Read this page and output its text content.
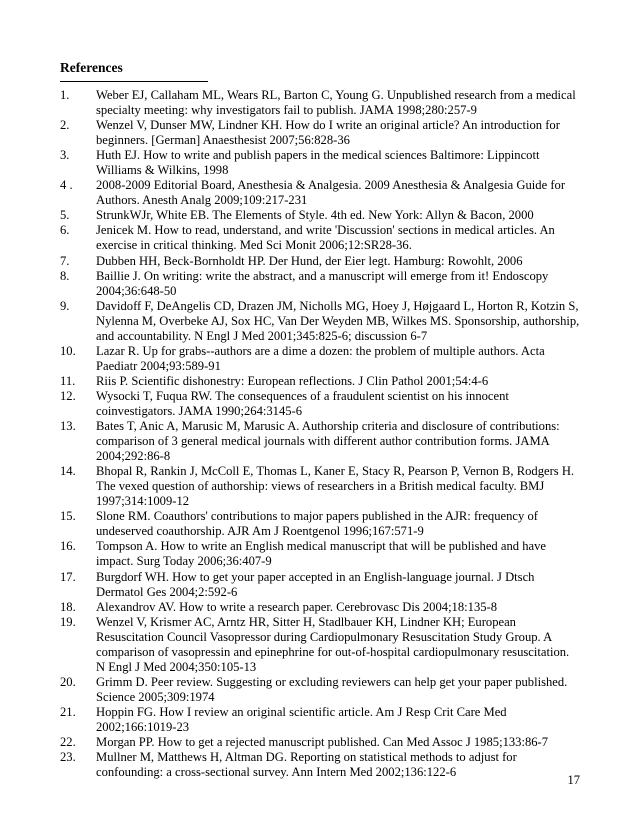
References
1.	Weber EJ, Callaham ML, Wears RL, Barton C, Young G. Unpublished research from a medical specialty meeting: why investigators fail to publish. JAMA 1998;280:257-9
2.	Wenzel V, Dunser MW, Lindner KH. How do I write an original article? An introduction for beginners. [German] Anaesthesist 2007;56:828-36
3.	Huth EJ. How to write and publish papers in the medical sciences Baltimore: Lippincott Williams & Wilkins, 1998
4 .	2008-2009 Editorial Board, Anesthesia & Analgesia. 2009 Anesthesia & Analgesia Guide for Authors. Anesth Analg 2009;109:217-231
5.	StrunkWJr, White EB. The Elements of Style. 4th ed. New York: Allyn & Bacon, 2000
6.	Jenicek M. How to read, understand, and write 'Discussion' sections in medical articles. An exercise in critical thinking. Med Sci Monit 2006;12:SR28-36.
7.	Dubben HH, Beck-Bornholdt HP. Der Hund, der Eier legt. Hamburg: Rowohlt, 2006
8.	Baillie J. On writing: write the abstract, and a manuscript will emerge from it! Endoscopy 2004;36:648-50
9.	Davidoff F, DeAngelis CD, Drazen JM, Nicholls MG, Hoey J, Højgaard L, Horton R, Kotzin S, Nylenna M, Overbeke AJ, Sox HC, Van Der Weyden MB, Wilkes MS. Sponsorship, authorship, and accountability. N Engl J Med 2001;345:825-6; discussion 6-7
10.	Lazar R. Up for grabs--authors are a dime a dozen: the problem of multiple authors. Acta Paediatr 2004;93:589-91
11.	Riis P. Scientific dishonestry: European reflections. J Clin Pathol 2001;54:4-6
12.	Wysocki T, Fuqua RW. The consequences of a fraudulent scientist on his innocent coinvestigators. JAMA 1990;264:3145-6
13.	Bates T, Anic A, Marusic M, Marusic A. Authorship criteria and disclosure of contributions: comparison of 3 general medical journals with different author contribution forms. JAMA 2004;292:86-8
14.	Bhopal R, Rankin J, McColl E, Thomas L, Kaner E, Stacy R, Pearson P, Vernon B, Rodgers H. The vexed question of authorship: views of researchers in a British medical faculty. BMJ 1997;314:1009-12
15.	Slone RM. Coauthors' contributions to major papers published in the AJR: frequency of undeserved coauthorship. AJR Am J Roentgenol 1996;167:571-9
16.	Tompson A. How to write an English medical manuscript that will be published and have impact. Surg Today 2006;36:407-9
17.	Burgdorf WH. How to get your paper accepted in an English-language journal. J Dtsch Dermatol Ges 2004;2:592-6
18.	Alexandrov AV. How to write a research paper. Cerebrovasc Dis 2004;18:135-8
19.	Wenzel V, Krismer AC, Arntz HR, Sitter H, Stadlbauer KH, Lindner KH; European Resuscitation Council Vasopressor during Cardiopulmonary Resuscitation Study Group. A comparison of vasopressin and epinephrine for out-of-hospital cardiopulmonary resuscitation. N Engl J Med 2004;350:105-13
20.	Grimm D. Peer review. Suggesting or excluding reviewers can help get your paper published. Science 2005;309:1974
21.	Hoppin FG. How I review an original scientific article. Am J Resp Crit Care Med 2002;166:1019-23
22.	Morgan PP. How to get a rejected manuscript published. Can Med Assoc J 1985;133:86-7
23.	Mullner M, Matthews H, Altman DG. Reporting on statistical methods to adjust for confounding: a cross-sectional survey. Ann Intern Med 2002;136:122-6
17
